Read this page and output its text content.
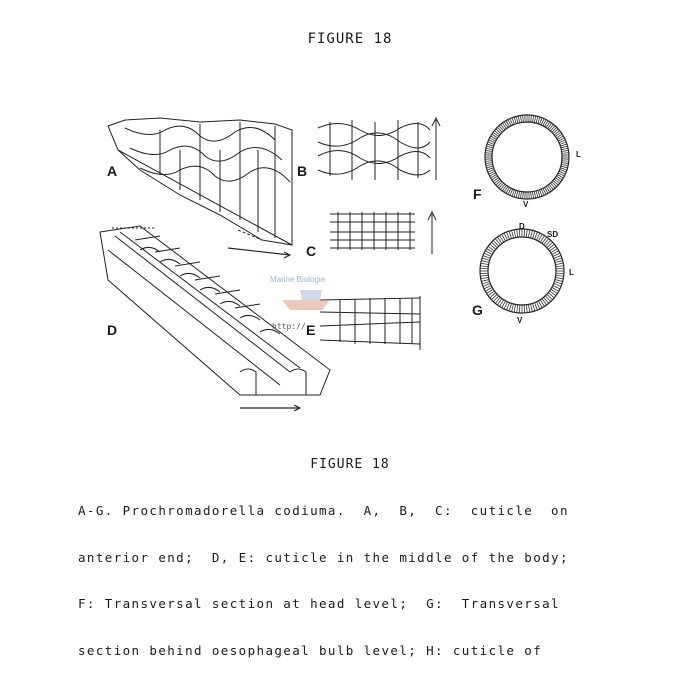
FIGURE 18
A	B
C
D	E
F
G
L
V
D
SD
L
V
Marine Biologie
http://
FIGURE 18

A-G. Prochromadorella codiuma.  A,  B,  C:  cuticle  on

anterior end;  D, E: cuticle in the middle of the body;

F: Transversal section at head level;  G:  Transversal

section behind oesophageal bulb level; H: cuticle of
